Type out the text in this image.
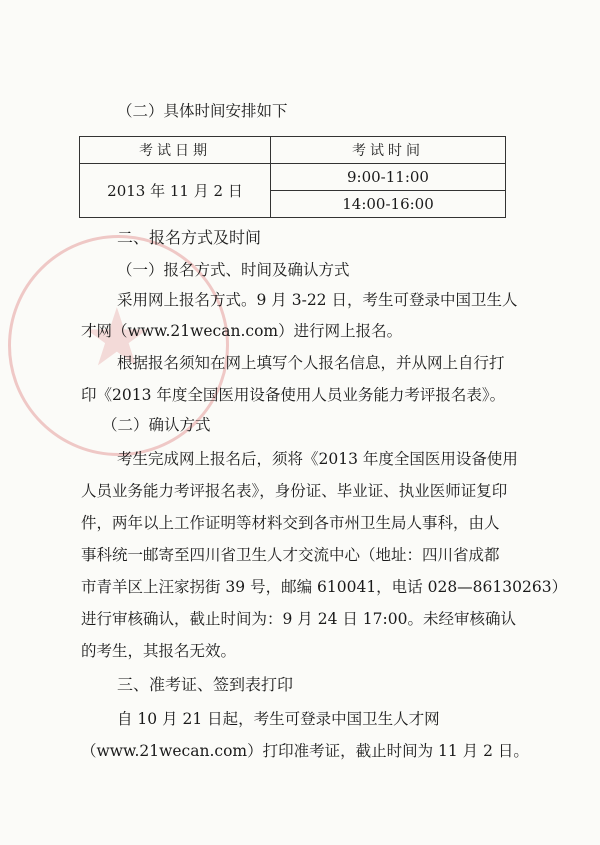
★
（二）具体时间安排如下
考试日期	考试时间
2013 年 11 月 2 日	9:00-11:00
	14:00-16:00
二、报名方式及时间
（一）报名方式、时间及确认方式
采用网上报名方式。9 月 3-22 日，考生可登录中国卫生人
才网（www.21wecan.com）进行网上报名。
根据报名须知在网上填写个人报名信息，并从网上自行打
印《2013 年度全国医用设备使用人员业务能力考评报名表》。
（二）确认方式
考生完成网上报名后，须将《2013 年度全国医用设备使用
人员业务能力考评报名表》，身份证、毕业证、执业医师证复印
件，两年以上工作证明等材料交到各市州卫生局人事科，由人
事科统一邮寄至四川省卫生人才交流中心（地址：四川省成都
市青羊区上汪家拐街 39 号，邮编 610041，电话 028—86130263）
进行审核确认，截止时间为：9 月 24 日 17:00。未经审核确认
的考生，其报名无效。
三、准考证、签到表打印
自 10 月 21 日起，考生可登录中国卫生人才网
（www.21wecan.com）打印准考证，截止时间为 11 月 2 日。
